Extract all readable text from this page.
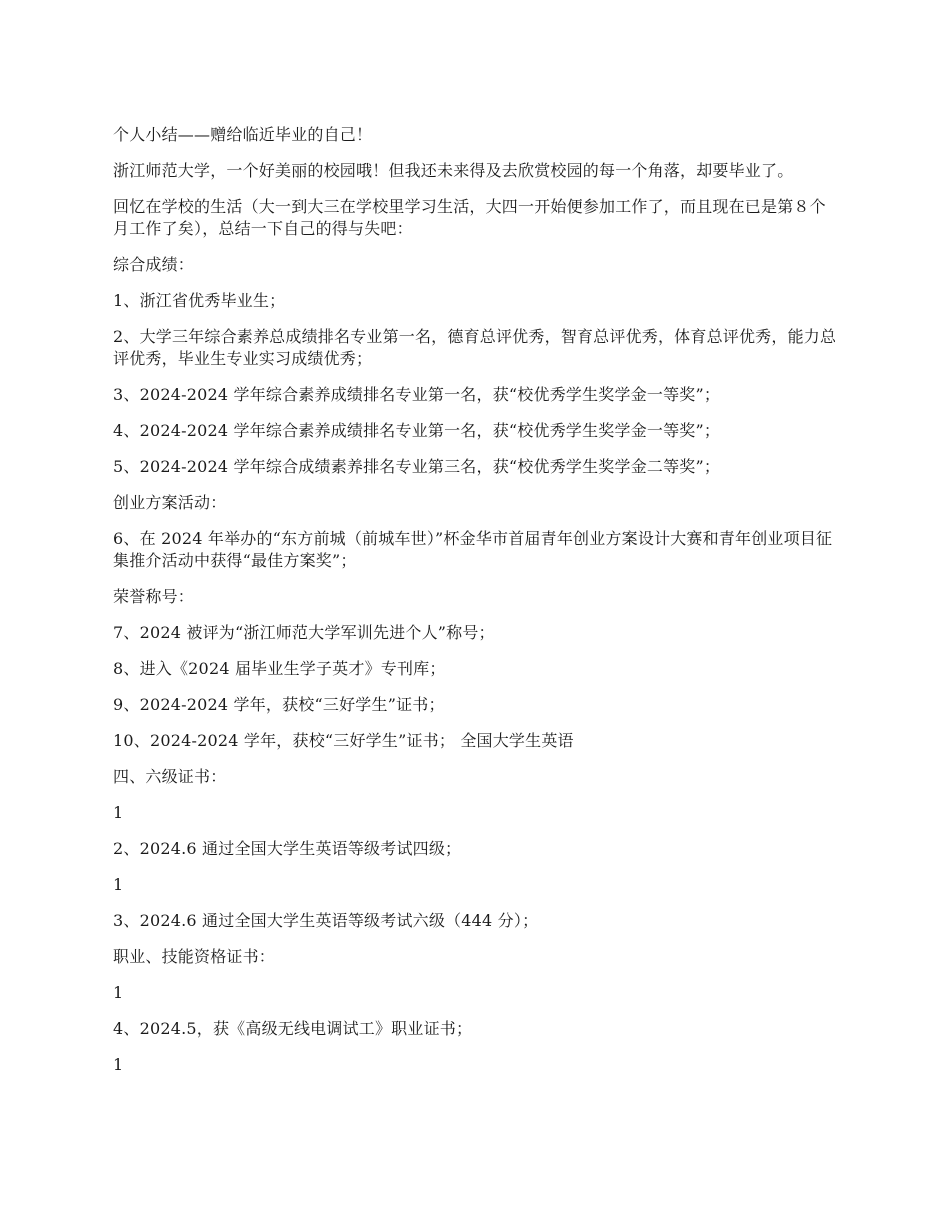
个人小结——赠给临近毕业的自己！

浙江师范大学，一个好美丽的校园哦！但我还未来得及去欣赏校园的每一个角落，却要毕业了。

回忆在学校的生活（大一到大三在学校里学习生活，大四一开始便参加工作了，而且现在已是第８个月工作了矣），总结一下自己的得与失吧：

综合成绩：

1、浙江省优秀毕业生；

2、大学三年综合素养总成绩排名专业第一名，德育总评优秀，智育总评优秀，体育总评优秀，能力总评优秀，毕业生专业实习成绩优秀；

3、2024-2024 学年综合素养成绩排名专业第一名，获“校优秀学生奖学金一等奖”；

4、2024-2024 学年综合素养成绩排名专业第一名，获“校优秀学生奖学金一等奖”；

5、2024-2024 学年综合成绩素养排名专业第三名，获“校优秀学生奖学金二等奖”；

创业方案活动：

6、在 2024 年举办的“东方前城（前城车世）”杯金华市首届青年创业方案设计大赛和青年创业项目征集推介活动中获得“最佳方案奖”；

荣誉称号：

7、2024 被评为“浙江师范大学军训先进个人”称号；

8、进入《2024 届毕业生学子英才》专刊库；

9、2024-2024 学年，获校“三好学生”证书；

10、2024-2024 学年，获校“三好学生”证书； 全国大学生英语

四、六级证书：

1

2、2024.6 通过全国大学生英语等级考试四级；

1

3、2024.6 通过全国大学生英语等级考试六级（444 分）；

职业、技能资格证书：

1

4、2024.5，获《高级无线电调试工》职业证书；

1
